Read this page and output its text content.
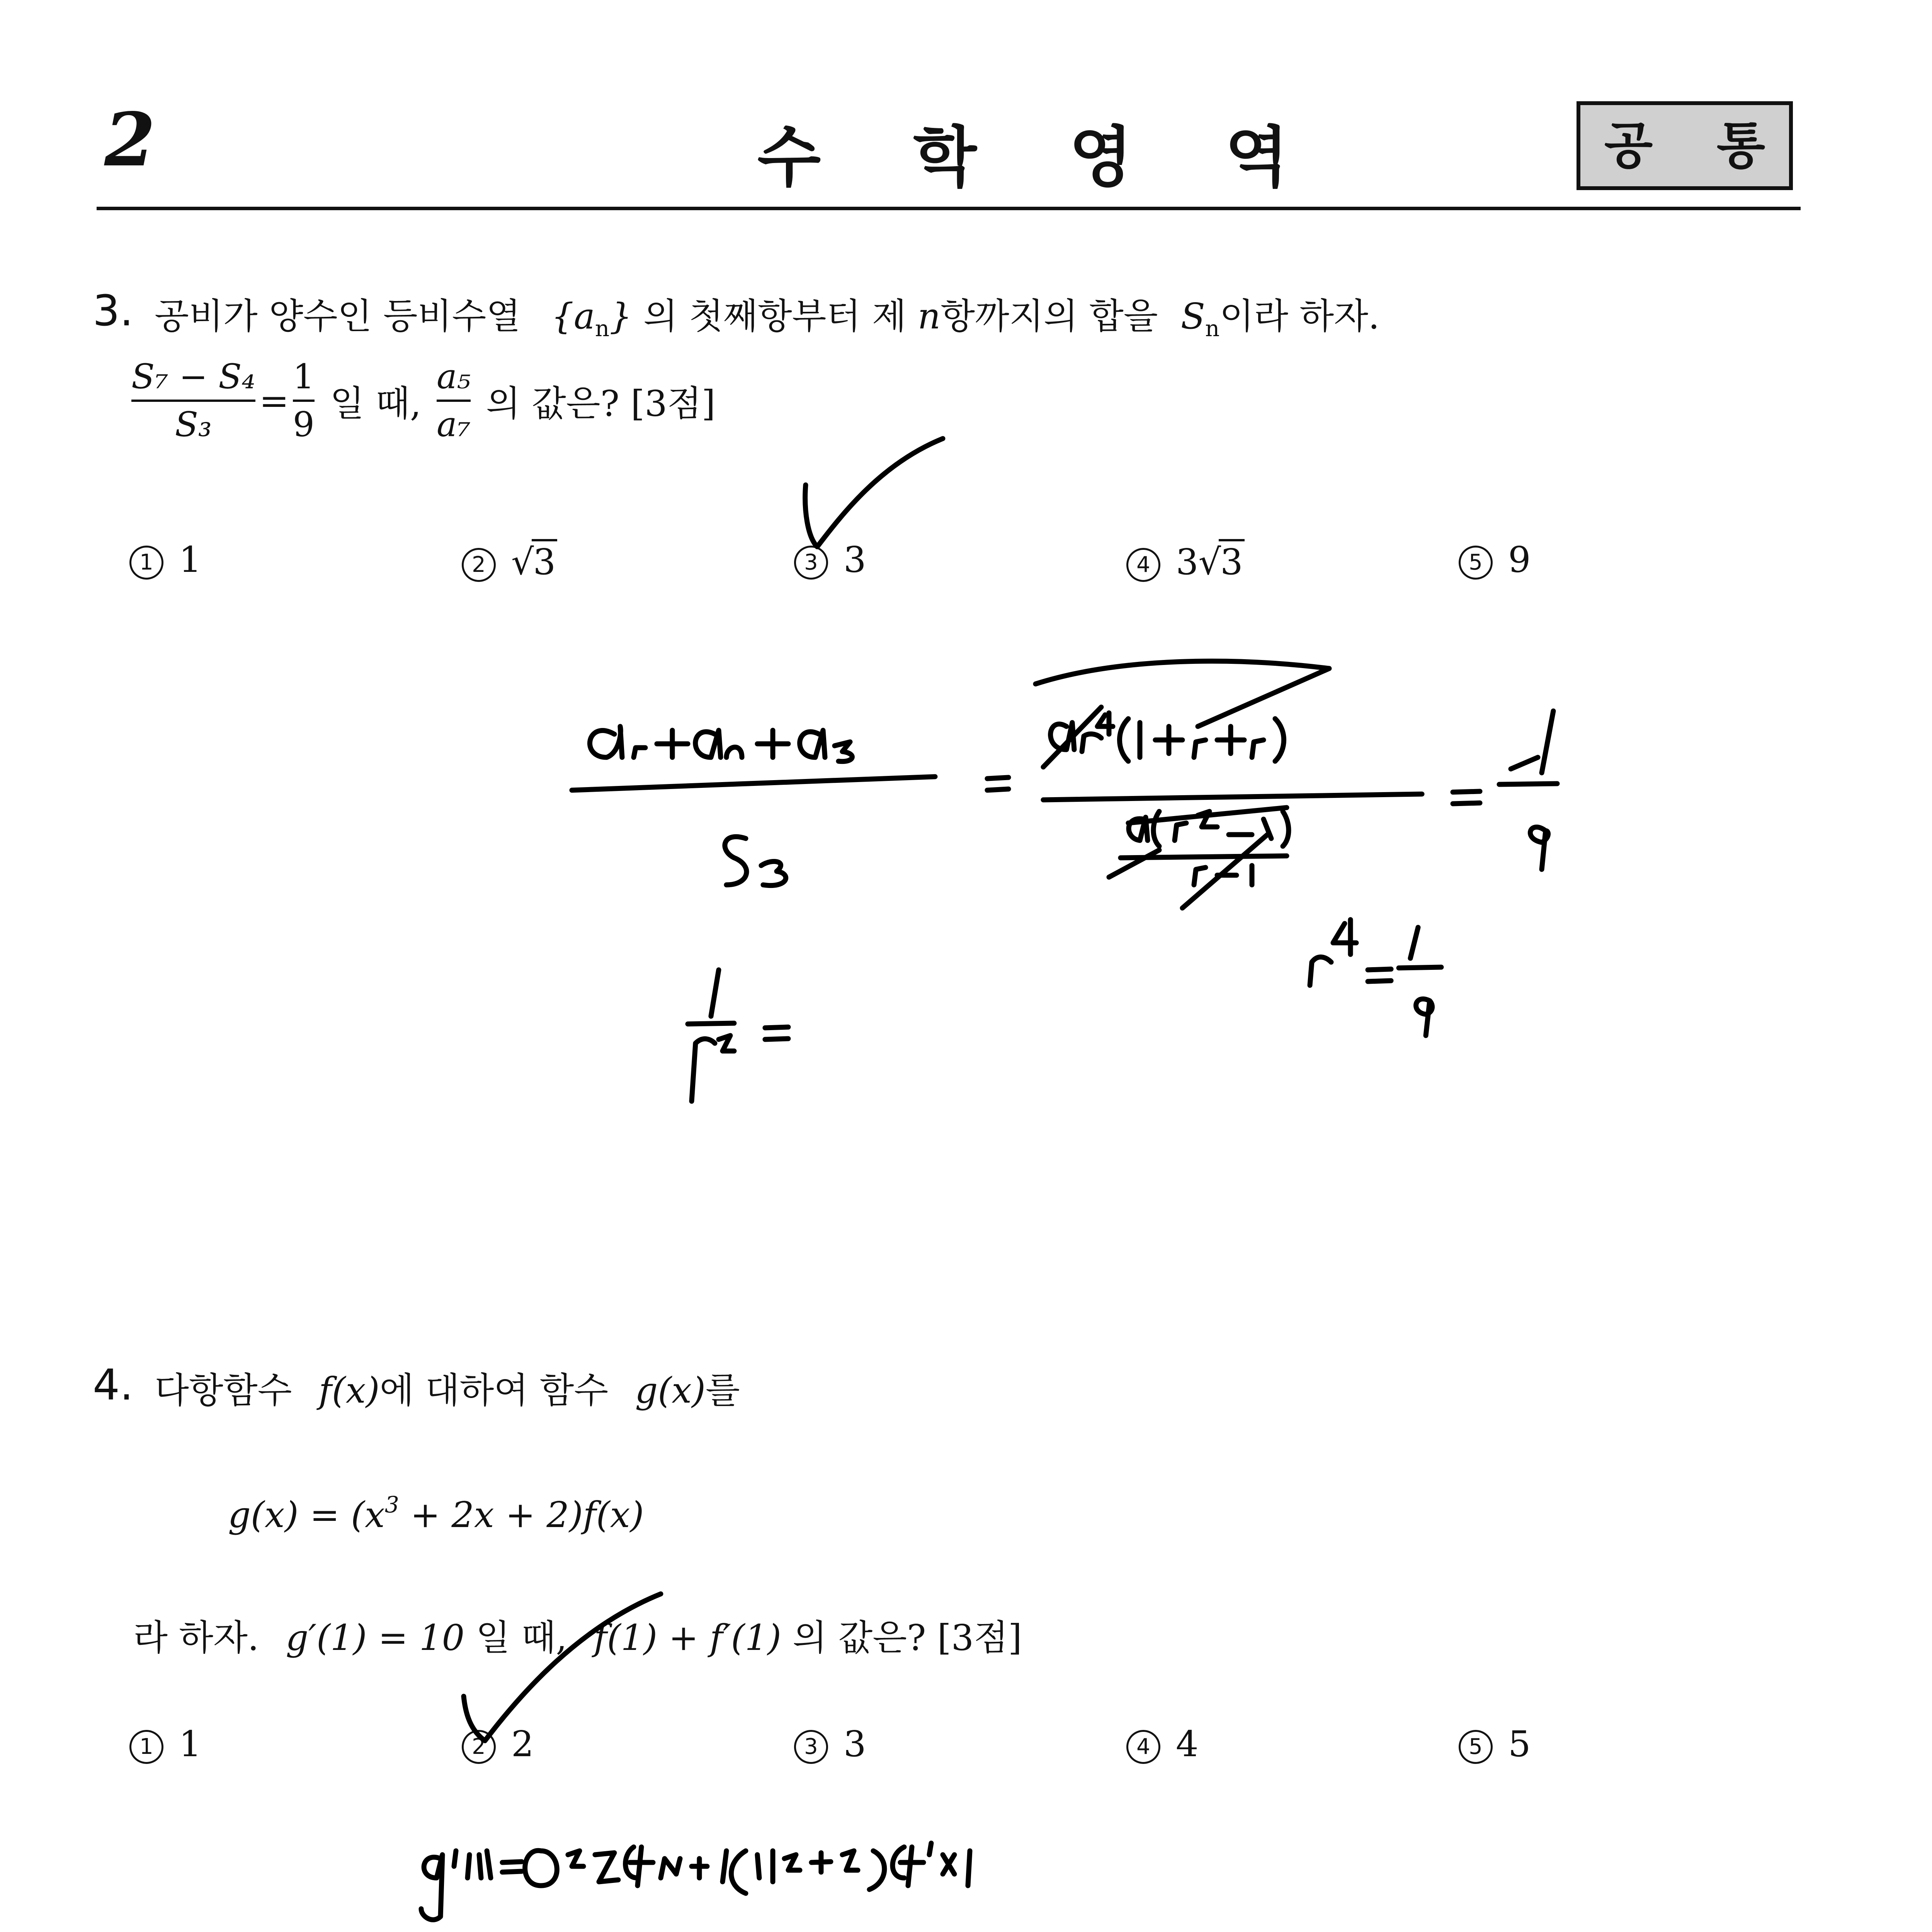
2	수 학 영 역	공 통
3. 공비가 양수인 등비수열 $\{a_n\}$ 의 첫째항부터 제 n항까지의 합을 $S_n$이라 하자.
S₇ − S₄
S₃
=
1
9
일 때,
a₅
a₇
의 값은? [3점]
1 1	2 √3	3 3	4 3√3	5 9
4. 다항함수 f(x)에 대하여 함수 g(x)를
$g(x) = (x^3 + 2x + 2)f(x)$
라 하자. g′(1) = 10 일 때, f(1) + f′(1) 의 값은? [3점]
1 1	2 2	3 3	4 4	5 5
